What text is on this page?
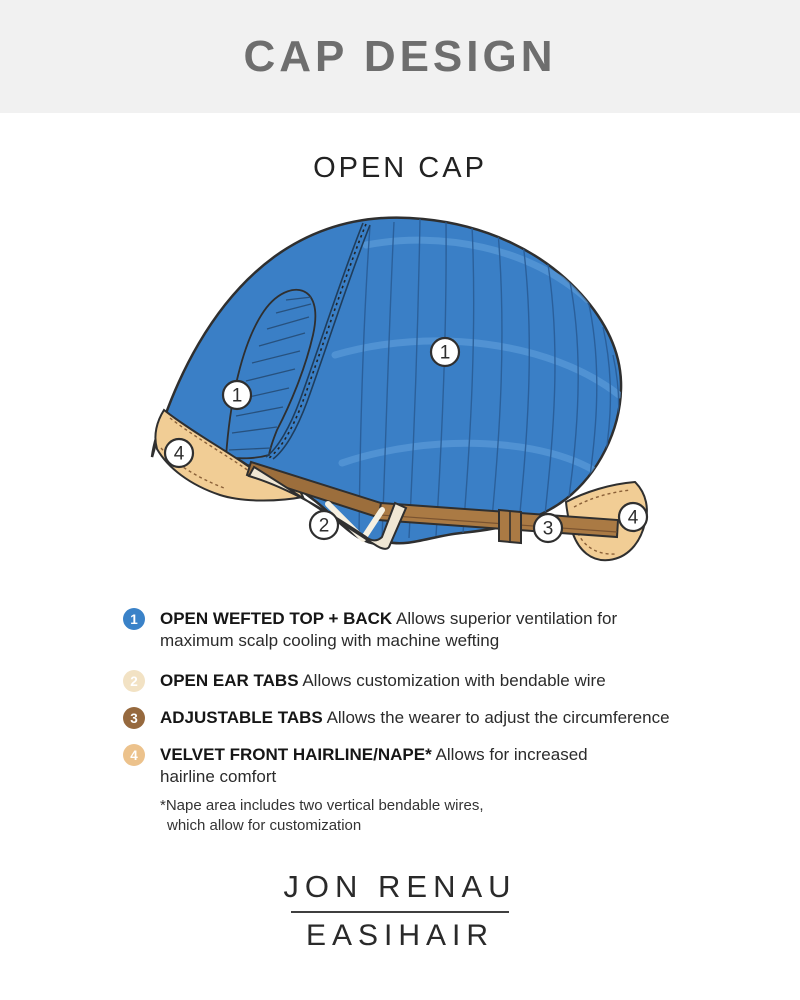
CAP DESIGN
OPEN CAP
1
1
2	3
4
4
1	OPEN WEFTED TOP + BACK Allows superior ventilation for
maximum scalp cooling with machine wefting
2	OPEN EAR TABS Allows customization with bendable wire
3	ADJUSTABLE TABS Allows the wearer to adjust the circumference
4	VELVET FRONT HAIRLINE/NAPE* Allows for increased
hairline comfort
*Nape area includes two vertical bendable wires,
which allow for customization
JON RENAU
EASIHAIR
